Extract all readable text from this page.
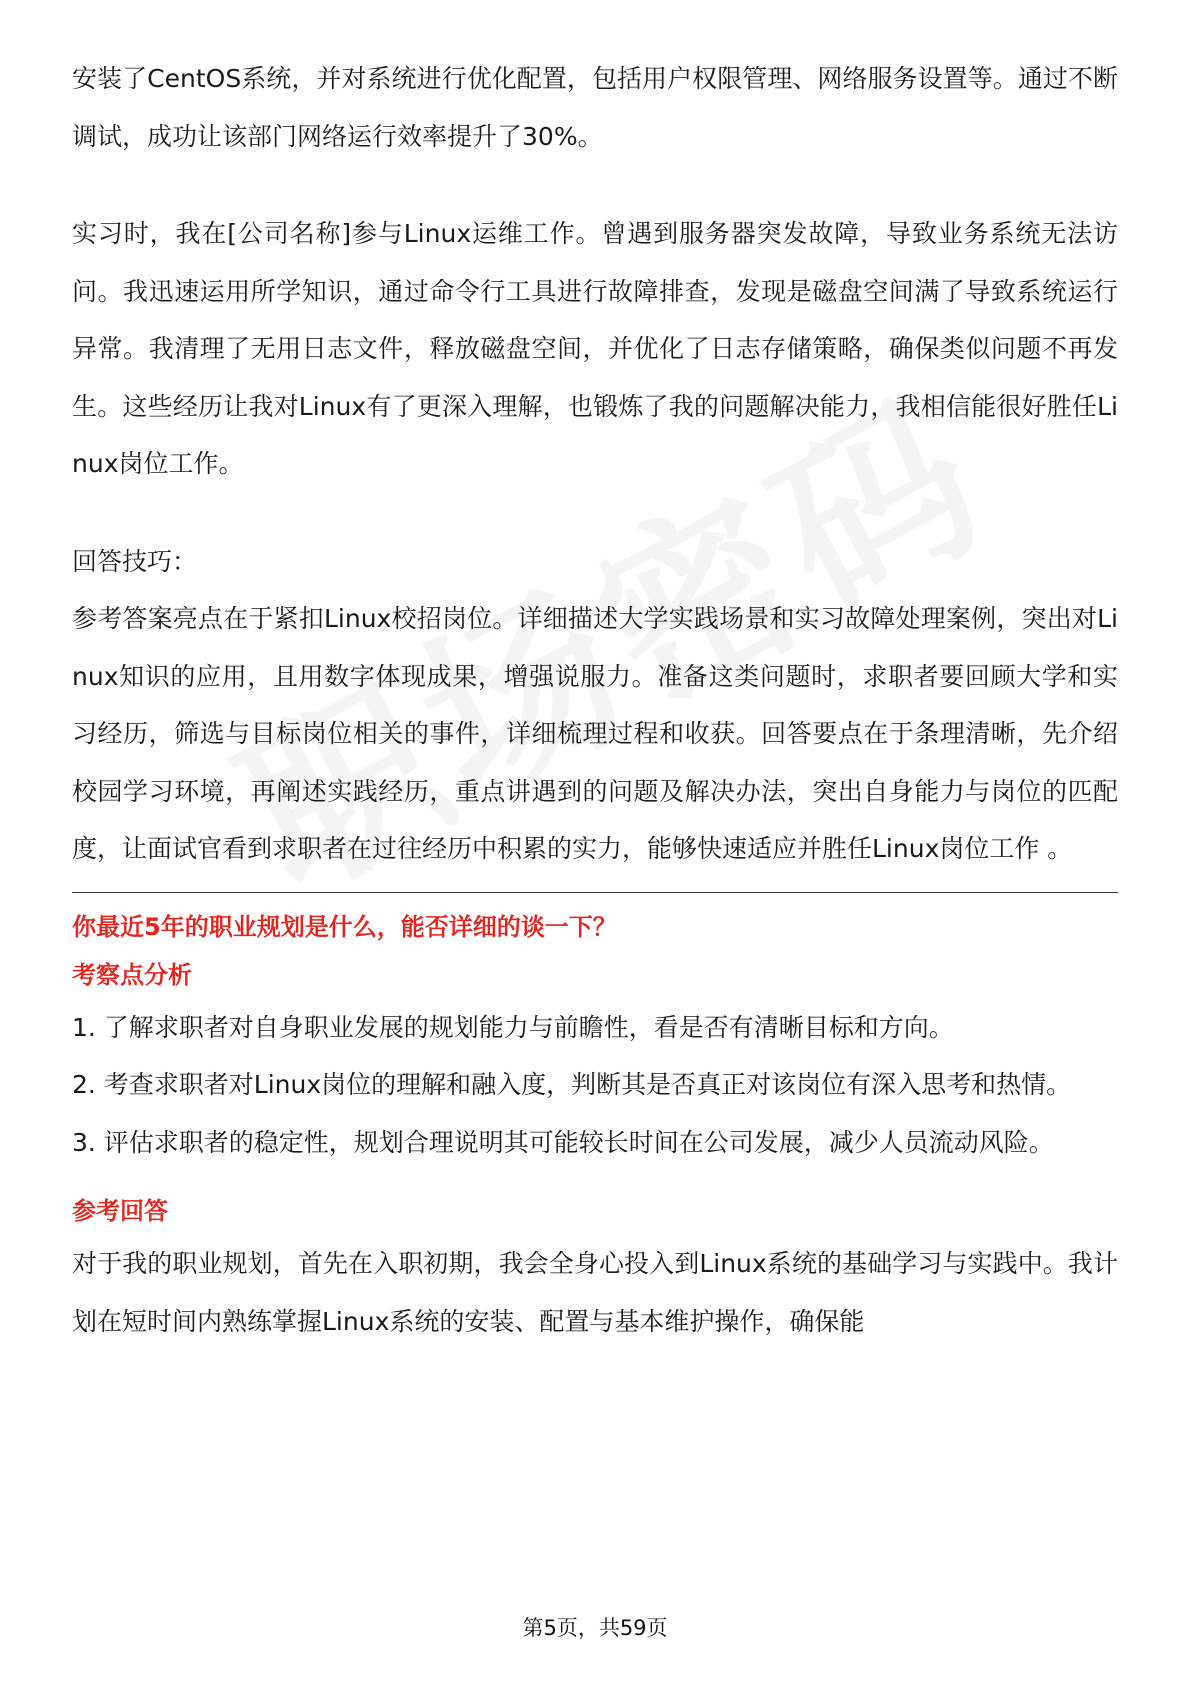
安装了CentOS系统，并对系统进行优化配置，包括用户权限管理、网络服务设置等。通过不断调试，成功让该部门网络运行效率提升了30%。

实习时，我在[公司名称]参与Linux运维工作。曾遇到服务器突发故障，导致业务系统无法访问。我迅速运用所学知识，通过命令行工具进行故障排查，发现是磁盘空间满了导致系统运行异常。我清理了无用日志文件，释放磁盘空间，并优化了日志存储策略，确保类似问题不再发生。这些经历让我对Linux有了更深入理解，也锻炼了我的问题解决能力，我相信能很好胜任Linux岗位工作。

回答技巧：

参考答案亮点在于紧扣Linux校招岗位。详细描述大学实践场景和实习故障处理案例，突出对Linux知识的应用，且用数字体现成果，增强说服力。准备这类问题时，求职者要回顾大学和实习经历，筛选与目标岗位相关的事件，详细梳理过程和收获。回答要点在于条理清晰，先介绍校园学习环境，再阐述实践经历，重点讲遇到的问题及解决办法，突出自身能力与岗位的匹配度，让面试官看到求职者在过往经历中积累的实力，能够快速适应并胜任Linux岗位工作 。

你最近5年的职业规划是什么，能否详细的谈一下？

考察点分析

1. 了解求职者对自身职业发展的规划能力与前瞻性，看是否有清晰目标和方向。

2. 考查求职者对Linux岗位的理解和融入度，判断其是否真正对该岗位有深入思考和热情。

3. 评估求职者的稳定性，规划合理说明其可能较长时间在公司发展，减少人员流动风险。

参考回答

对于我的职业规划，首先在入职初期，我会全身心投入到Linux系统的基础学习与实践中。我计划在短时间内熟练掌握Linux系统的安装、配置与基本维护操作，确保能

第5页，共59页
